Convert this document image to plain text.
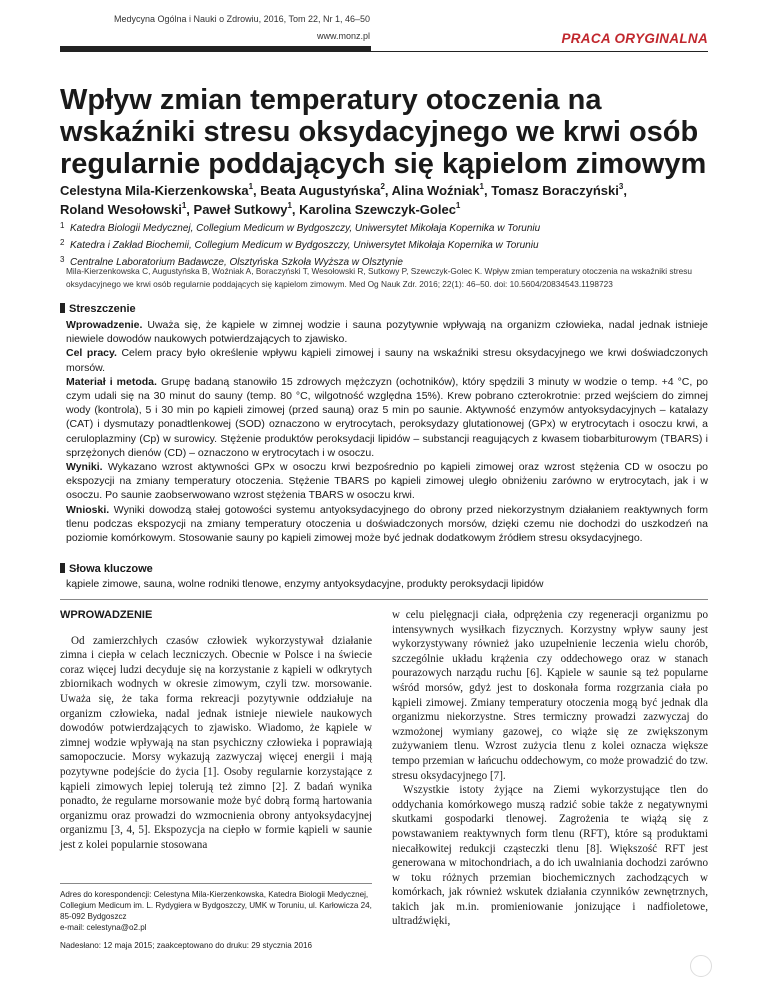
Medycyna Ogólna i Nauki o Zdrowiu, 2016, Tom 22, Nr 1, 46–50
www.monz.pl	PRACA ORYGINALNA
Wpływ zmian temperatury otoczenia na
wskaźniki stresu oksydacyjnego we krwi osób
regularnie poddających się kąpielom zimowym
Celestyna Mila-Kierzenkowska$^1$, Beata Augustyńska$^2$, Alina Woźniak$^1$, Tomasz Boraczyński$^3$,
Roland Wesołowski$^1$, Paweł Sutkowy$^1$, Karolina Szewczyk-Golec$^1$
1 Katedra Biologii Medycznej, Collegium Medicum w Bydgoszczy, Uniwersytet Mikołaja Kopernika w Toruniu
2 Katedra i Zakład Biochemii, Collegium Medicum w Bydgoszczy, Uniwersytet Mikołaja Kopernika w Toruniu
3 Centralne Laboratorium Badawcze, Olsztyńska Szkoła Wyższa w Olsztynie
Mila-Kierzenkowska C, Augustyńska B, Woźniak A, Boraczyński T, Wesołowski R, Sutkowy P, Szewczyk-Golec K. Wpływ zmian temperatury otoczenia na wskaźniki stresu oksydacyjnego we krwi osób regularnie poddających się kąpielom zimowym. Med Og Nauk Zdr. 2016; 22(1): 46–50. doi: 10.5604/20834543.1198723
Streszczenie

Wprowadzenie. Uważa się, że kąpiele w zimnej wodzie i sauna pozytywnie wpływają na organizm człowieka, nadal jednak istnieje niewiele dowodów naukowych potwierdzających to zjawisko.

Cel pracy. Celem pracy było określenie wpływu kąpieli zimowej i sauny na wskaźniki stresu oksydacyjnego we krwi doświadczonych morsów.

Materiał i metoda. Grupę badaną stanowiło 15 zdrowych mężczyzn (ochotników), który spędzili 3 minuty w wodzie o temp. +4 °C, po czym udali się na 30 minut do sauny (temp. 80 °C, wilgotność względna 15%). Krew pobrano czterokrotnie: przed wejściem do zimnej wody (kontrola), 5 i 30 min po kąpieli zimowej (przed sauną) oraz 5 min po saunie. Aktywność enzymów antyoksydacyjnych – katalazy (CAT) i dysmutazy ponadtlenkowej (SOD) oznaczono w erytrocytach, peroksydazy glutationowej (GPx) w erytrocytach i osoczu krwi, a ceruloplazminy (Cp) w surowicy. Stężenie produktów peroksydacji lipidów – substancji reagujących z kwasem tiobarbiturowym (TBARS) i sprzężonych dienów (CD) – oznaczono w erytrocytach i w osoczu.

Wyniki. Wykazano wzrost aktywności GPx w osoczu krwi bezpośrednio po kąpieli zimowej oraz wzrost stężenia CD w osoczu po ekspozycji na zmiany temperatury otoczenia. Stężenie TBARS po kąpieli zimowej uległo obniżeniu zarówno w erytrocytach, jak i w osoczu. Po saunie zaobserwowano wzrost stężenia TBARS w osoczu krwi.

Wnioski. Wyniki dowodzą stałej gotowości systemu antyoksydacyjnego do obrony przed niekorzystnym działaniem reaktywnych form tlenu podczas ekspozycji na zmiany temperatury otoczenia u doświadczonych morsów, dzięki czemu nie dochodzi do uszkodzeń na poziomie komórkowym. Stosowanie sauny po kąpieli zimowej może być jednak dodatkowym źródłem stresu oksydacyjnego.

Słowa kluczowe
kąpiele zimowe, sauna, wolne rodniki tlenowe, enzymy antyoksydacyjne, produkty peroksydacji lipidów
WPROWADZENIE

Od zamierzchłych czasów człowiek wykorzystywał działanie zimna i ciepła w celach leczniczych. Obecnie w Polsce i na świecie coraz więcej ludzi decyduje się na korzystanie z kąpieli w odkrytych zbiornikach wodnych w okresie zimowym, czyli tzw. morsowanie. Uważa się, że taka forma rekreacji pozytywnie oddziałuje na organizm człowieka, nadal jednak istnieje niewiele naukowych dowodów potwierdzających to zjawisko. Wiadomo, że kąpiele w zimnej wodzie wpływają na stan psychiczny człowieka i poprawiają samopoczucie. Morsy wykazują zazwyczaj więcej energii i mają pozytywne podejście do życia [1]. Osoby regularnie korzystające z kąpieli zimowych lepiej tolerują też zimno [2]. Z badań wynika ponadto, że regularne morsowanie może być dobrą formą hartowania organizmu oraz prowadzi do wzmocnienia obrony antyoksydacyjnej organizmu [3, 4, 5]. Ekspozycja na ciepło w formie kąpieli w saunie jest z kolei popularnie stosowana

w celu pielęgnacji ciała, odprężenia czy regeneracji organizmu po intensywnych wysiłkach fizycznych. Korzystny wpływ sauny jest wykorzystywany również jako uzupełnienie leczenia wielu chorób, szczególnie układu krążenia czy oddechowego oraz w stanach pourazowych narządu ruchu [6]. Kąpiele w saunie są też popularne wśród morsów, gdyż jest to doskonała forma rozgrzania ciała po kąpieli zimowej. Zmiany temperatury otoczenia mogą być jednak dla organizmu niekorzystne. Stres termiczny prowadzi zazwyczaj do wzmożonej wymiany gazowej, co wiąże się ze zwiększonym zużywaniem tlenu. Wzrost zużycia tlenu z kolei oznacza większe tempo przemian w łańcuchu oddechowym, co może prowadzić do tzw. stresu oksydacyjnego [7].

Wszystkie istoty żyjące na Ziemi wykorzystujące tlen do oddychania komórkowego muszą radzić sobie także z negatywnymi skutkami gospodarki tlenowej. Zagrożenia te wiążą się z powstawaniem reaktywnych form tlenu (RFT), które są produktami niecałkowitej redukcji cząsteczki tlenu [8]. Większość RFT jest generowana w mitochondriach, a do ich uwalniania dochodzi zarówno w toku różnych przemian biochemicznych zachodzących w komórkach, jak również wskutek działania czynników zewnętrznych, takich jak m.in. promieniowanie jonizujące i nadfioletowe, ultradźwięki,

Adres do korespondencji: Celestyna Mila-Kierzenkowska, Katedra Biologii Medycznej, Collegium Medicum im. L. Rydygiera w Bydgoszczy, UMK w Toruniu, ul. Karłowicza 24, 85-092 Bydgoszcz

e-mail: celestyna@o2.pl

Nadesłano: 12 maja 2015; zaakceptowano do druku: 29 stycznia 2016
